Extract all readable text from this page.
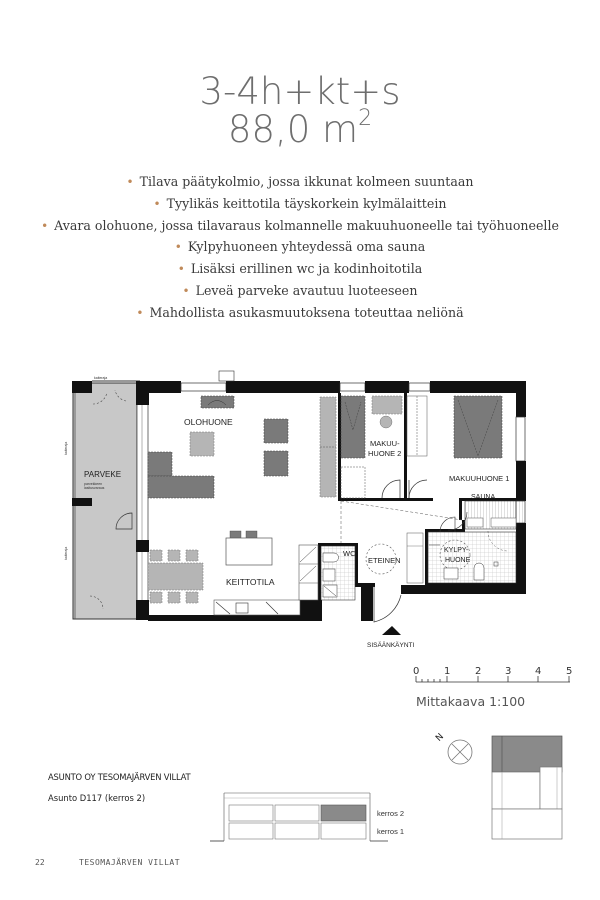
3-4h+kt+s
88,0 $m^2$
• Tilava päätykolmio, jossa ikkunat kolmeen suuntaan
• Tyylikäs keittotila täyskorkein kylmälaittein
• Avara olohuone, jossa tilavaraus kolmannelle makuuhuoneelle tai työhuoneelle
• Kylpyhuoneen yhteydessä oma sauna
• Lisäksi erillinen wc ja kodinhoitotila
• Leveä parveke avautuu luoteeseen
• Mahdollista asukasmuutoksena toteuttaa neliönä
PARVEKE
parvekkeen
lasitusvaraus
kaiteraja
kaiteraja
kaiteraja
OLOHUONE
KEITTOTILA
MAKUU-
HUONE 2
MAKUUHUONE 1
SAUNA
KYLPY-
HUONE
WC
ETEINEN
SISÄÄNKÄYNTI
0 1 2 3 4 5
Mittakaava 1:100
N
ASUNTO OY TESOMAJÄRVEN VILLAT
Asunto D117 (kerros 2)
kerros 2
kerros 1
22	TESOMAJÄRVEN VILLAT
